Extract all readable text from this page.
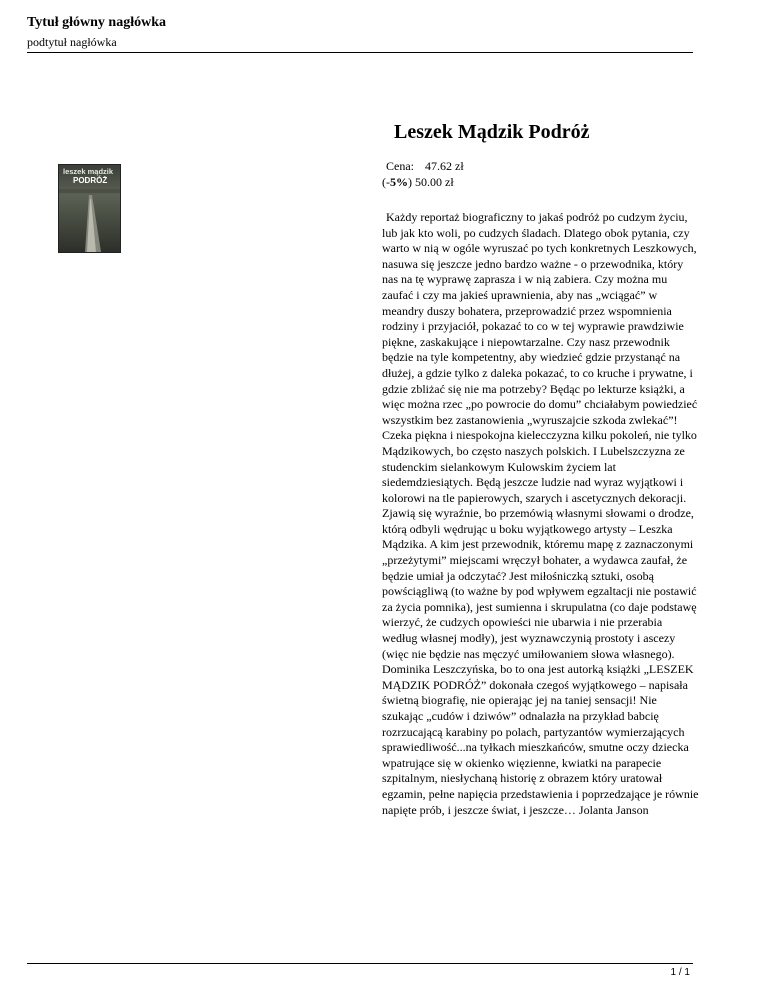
Tytuł główny nagłówka
podtytuł nagłówka
leszek mądzik
PODRÓŻ
Leszek Mądzik Podróż
Cena: 47.62 zł
(-5%) 50.00 zł

Każdy reportaż biograficzny to jakaś podróż po cudzym życiu, lub jak kto woli, po cudzych śladach. Dlatego obok pytania, czy warto w nią w ogóle wyruszać po tych konkretnych Leszkowych, nasuwa się jeszcze jedno bardzo ważne - o przewodnika, który nas na tę wyprawę zaprasza i w nią zabiera. Czy można mu zaufać i czy ma jakieś uprawnienia, aby nas „wciągać” w meandry duszy bohatera, przeprowadzić przez wspomnienia rodziny i przyjaciół, pokazać to co w tej wyprawie prawdziwie piękne, zaskakujące i niepowtarzalne. Czy nasz przewodnik będzie na tyle kompetentny, aby wiedzieć gdzie przystanąć na dłużej, a gdzie tylko z daleka pokazać, to co kruche i prywatne, i gdzie zbliżać się nie ma potrzeby? Będąc po lekturze książki, a więc można rzec „po powrocie do domu” chciałabym powiedzieć wszystkim bez zastanowienia „wyruszajcie szkoda zwlekać”! Czeka piękna i niespokojna kielecczyzna kilku pokoleń, nie tylko Mądzikowych, bo często naszych polskich. I Lubelszczyzna ze studenckim sielankowym Kulowskim życiem lat siedemdziesiątych. Będą jeszcze ludzie nad wyraz wyjątkowi i kolorowi na tle papierowych, szarych i ascetycznych dekoracji. Zjawią się wyraźnie, bo przemówią własnymi słowami o drodze, którą odbyli wędrując u boku wyjątkowego artysty – Leszka Mądzika. A kim jest przewodnik, któremu mapę z zaznaczonymi „przeżytymi” miejscami wręczył bohater, a wydawca zaufał, że będzie umiał ja odczytać? Jest miłośniczką sztuki, osobą powściągliwą (to ważne by pod wpływem egzaltacji nie postawić za życia pomnika), jest sumienna i skrupulatna (co daje podstawę wierzyć, że cudzych opowieści nie ubarwia i nie przerabia według własnej modły), jest wyznawczynią prostoty i ascezy (więc nie będzie nas męczyć umiłowaniem słowa własnego). Dominika Leszczyńska, bo to ona jest autorką książki „LESZEK MĄDZIK PODRÓŻ” dokonała czegoś wyjątkowego – napisała świetną biografię, nie opierając jej na taniej sensacji! Nie szukając „cudów i dziwów” odnalazła na przykład babcię rozrzucającą karabiny po polach, partyzantów wymierzających sprawiedliwość...na tyłkach mieszkańców, smutne oczy dziecka wpatrujące się w okienko więzienne, kwiatki na parapecie szpitalnym, niesłychaną historię z obrazem który uratował egzamin, pełne napięcia przedstawienia i poprzedzające je równie napięte prób, i jeszcze świat, i jeszcze… Jolanta Janson

1 / 1
